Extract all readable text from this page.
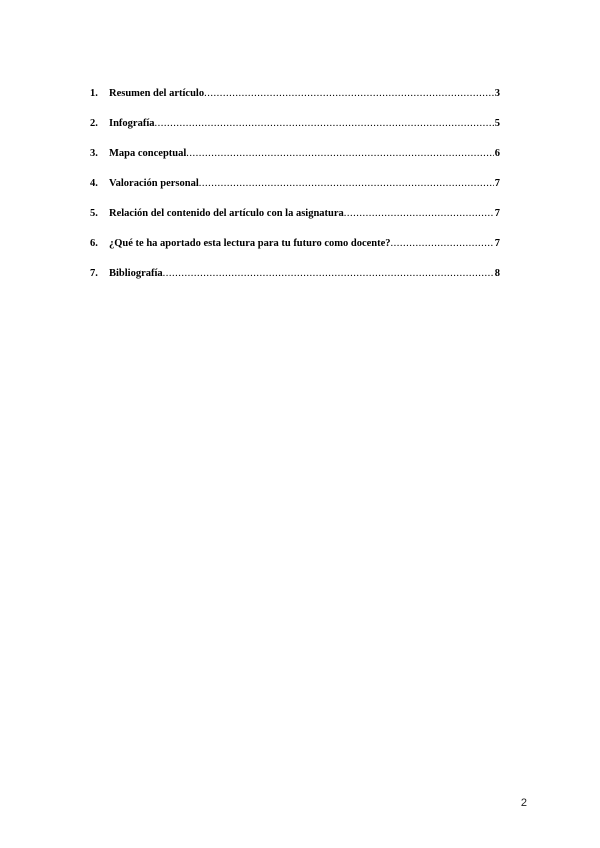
1.	Resumen del artículo .....	3
2.	Infografía .....	5
3.	Mapa conceptual .....	6
4.	Valoración personal .....	7
5.	Relación del contenido del artículo con la asignatura .....	7
6.	¿Qué te ha aportado esta lectura para tu futuro como docente? .....	7
7.	Bibliografía .....	8
2
